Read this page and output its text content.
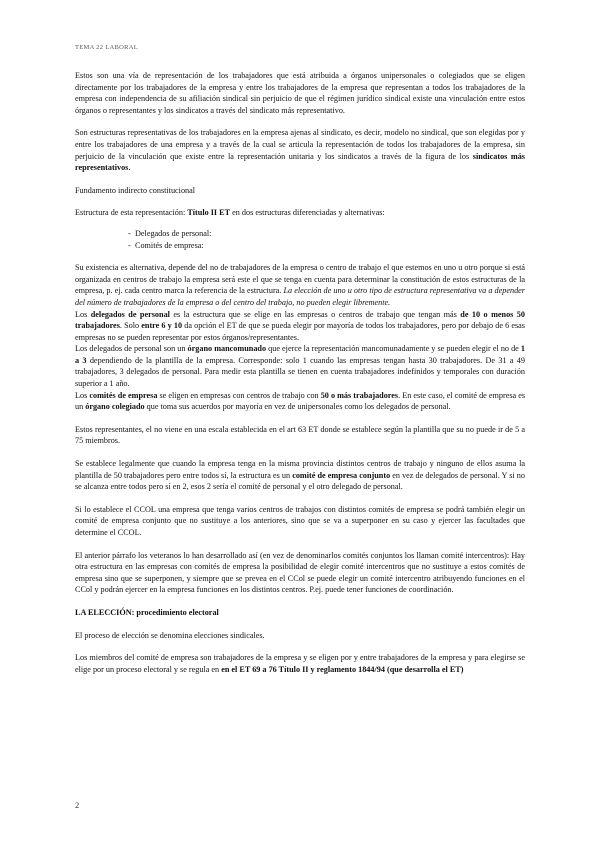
TEMA 22 LABORAL

Estos son una vía de representación de los trabajadores que está atribuida a órganos unipersonales o colegiados que se eligen directamente por los trabajadores de la empresa y entre los trabajadores de la empresa que representan a todos los trabajadores de la empresa con independencia de su afiliación sindical sin perjuicio de que el régimen jurídico sindical existe una vinculación entre estos órganos o representantes y los sindicatos a través del sindicato más representativo.

Son estructuras representativas de los trabajadores en la empresa ajenas al sindicato, es decir, modelo no sindical, que son elegidas por y entre los trabajadores de una empresa y a través de la cual se articula la representación de todos los trabajadores de la empresa, sin perjuicio de la vinculación que existe entre la representación unitaria y los sindicatos a través de la figura de los sindicatos más representativos.

Fundamento indirecto constitucional

Estructura de esta representación: Título II ET en dos estructuras diferenciadas y alternativas:

- Delegados de personal:
- Comités de empresa:

Su existencia es alternativa, depende del no de trabajadores de la empresa o centro de trabajo el que estemos en uno u otro porque si está organizada en centros de trabajo la empresa será este el que se tenga en cuenta para determinar la constitución de estos estructuras de la empresa, p. ej. cada centro marca la referencia de la estructura. La elección de uno u otro tipo de estructura representativa va a depender del número de trabajadores de la empresa o del centro del trabajo, no pueden elegir libremente.

Los delegados de personal es la estructura que se elige en las empresas o centros de trabajo que tengan más de 10 o menos 50 trabajadores. Solo entre 6 y 10 da opción el ET de que se pueda elegir por mayoría de todos los trabajadores, pero por debajo de 6 esas empresas no se pueden representar por estos órganos/representantes.

Los delegados de personal son un órgano mancomunado que ejerce la representación mancomunadamente y se pueden elegir el no de 1 a 3 dependiendo de la plantilla de la empresa. Corresponde: solo 1 cuando las empresas tengan hasta 30 trabajadores. De 31 a 49 trabajadores, 3 delegados de personal. Para medir esta plantilla se tienen en cuenta trabajadores indefinidos y temporales con duración superior a 1 año.

Los comités de empresa se eligen en empresas con centros de trabajo con 50 o más trabajadores. En este caso, el comité de empresa es un órgano colegiado que toma sus acuerdos por mayoría en vez de unipersonales como los delegados de personal.

Estos representantes, el no viene en una escala establecida en el art 63 ET donde se establece según la plantilla que su no puede ir de 5 a 75 miembros.

Se establece legalmente que cuando la empresa tenga en la misma provincia distintos centros de trabajo y ninguno de ellos asuma la plantilla de 50 trabajadores pero entre todos sí, la estructura es un comité de empresa conjunto en vez de delegados de personal. Y si no se alcanza entre todos pero sí en 2, esos 2 sería el comité de personal y el otro delegado de personal.

Si lo establece el CCOL una empresa que tenga varios centros de trabajos con distintos comités de empresa se podrá también elegir un comité de empresa conjunto que no sustituye a los anteriores, sino que se va a superponer en su caso y ejercer las facultades que determine el CCOL.

El anterior párrafo los veteranos lo han desarrollado así (en vez de denominarlos comités conjuntos los llaman comité intercentros): Hay otra estructura en las empresas con comités de empresa la posibilidad de elegir comité intercentros que no sustituye a estos comités de empresa sino que se superponen, y siempre que se prevea en el CCol se puede elegir un comité intercentro atribuyendo funciones en el CCol y podrán ejercer en la empresa funciones en los distintos centros. P.ej. puede tener funciones de coordinación.

LA ELECCIÓN: procedimiento electoral

El proceso de elección se denomina elecciones sindicales.

Los miembros del comité de empresa son trabajadores de la empresa y se eligen por y entre trabajadores de la empresa y para elegirse se elige por un proceso electoral y se regula en en el ET 69 a 76 Título II y reglamento 1844/94 (que desarrolla el ET)

2
